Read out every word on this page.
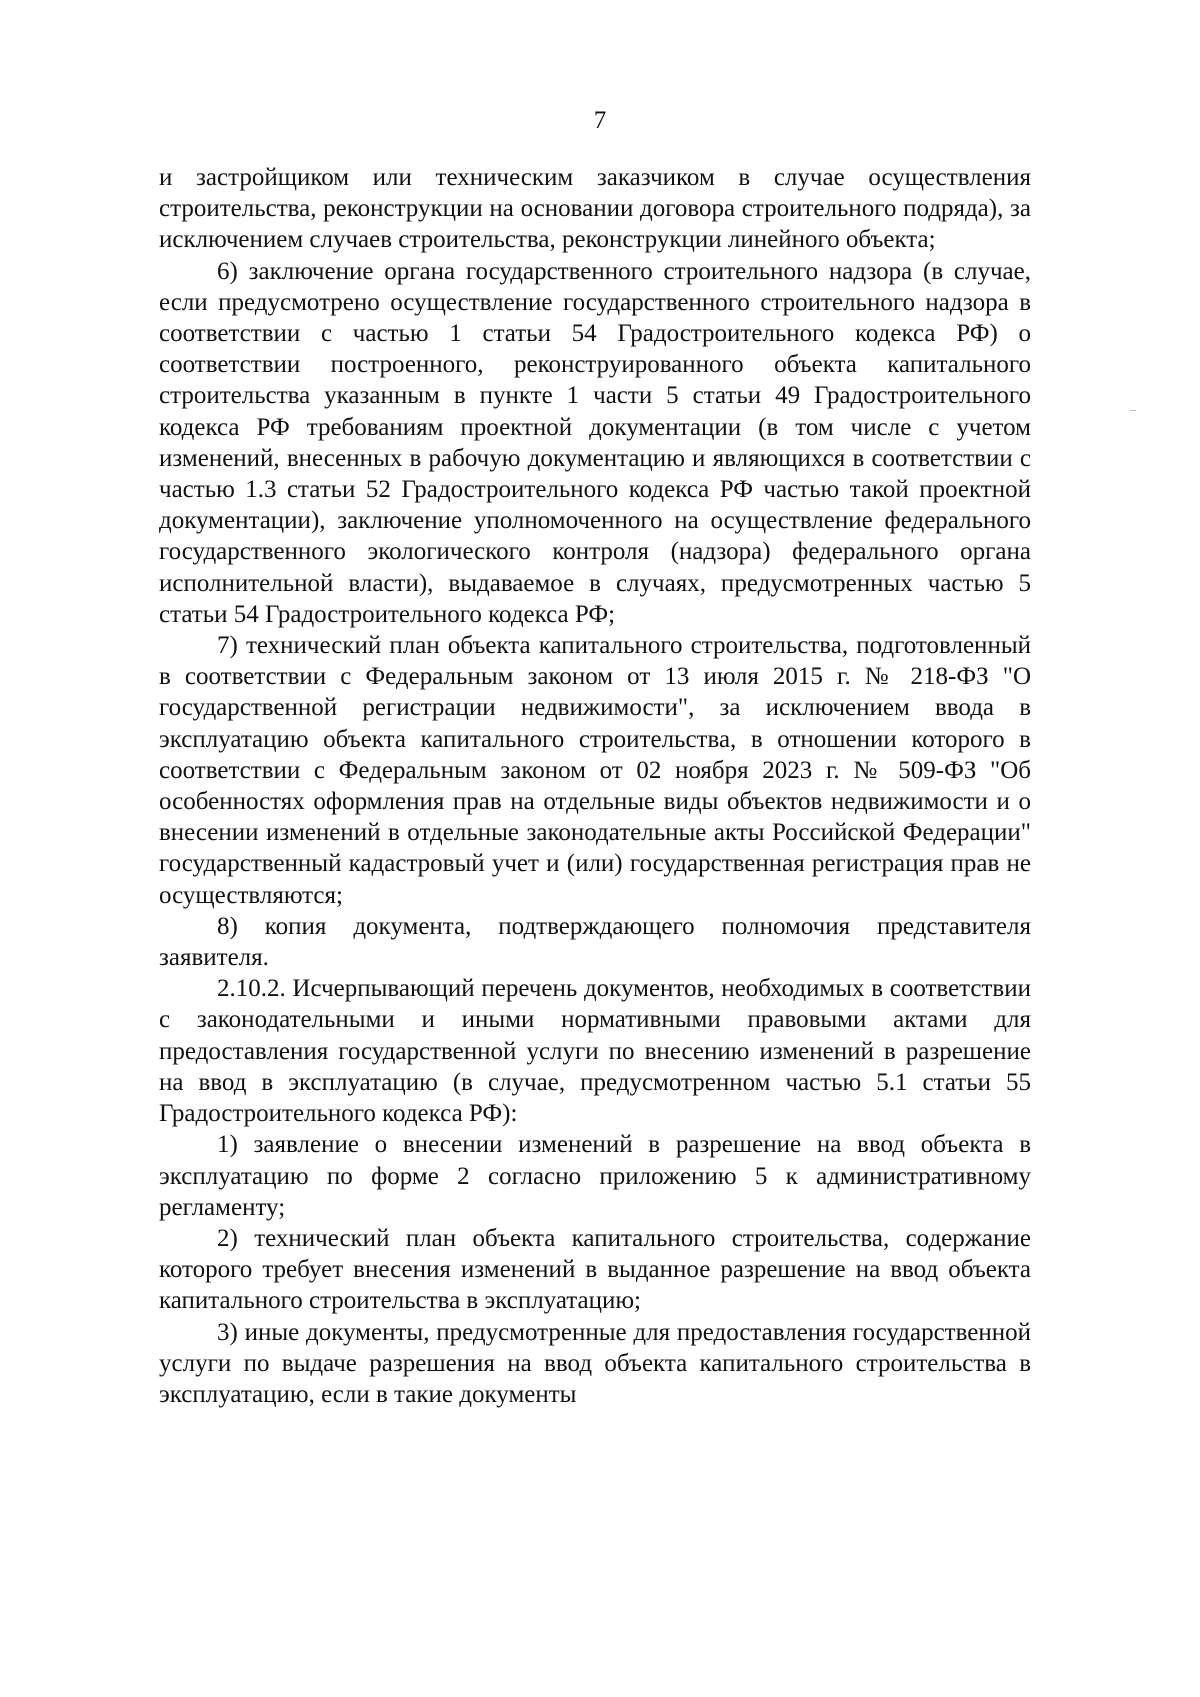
7

и застройщиком или техническим заказчиком в случае осуществления строительства, реконструкции на основании договора строительного подряда), за исключением случаев строительства, реконструкции линейного объекта;

6) заключение органа государственного строительного надзора (в случае, если предусмотрено осуществление государственного строительного надзора в соответствии с частью 1 статьи 54 Градостроительного кодекса РФ) о соответствии построенного, реконструированного объекта капитального строительства указанным в пункте 1 части 5 статьи 49 Градостроительного кодекса РФ требованиям проектной документации (в том числе с учетом изменений, внесенных в рабочую документацию и являющихся в соответствии с частью 1.3 статьи 52 Градостроительного кодекса РФ частью такой проектной документации), заключение уполномоченного на осуществление федерального государственного экологического контроля (надзора) федерального органа исполнительной власти), выдаваемое в случаях, предусмотренных частью 5 статьи 54 Градостроительного кодекса РФ;

7) технический план объекта капитального строительства, подготовленный в соответствии с Федеральным законом от 13 июля 2015 г. № 218-ФЗ "О государственной регистрации недвижимости", за исключением ввода в эксплуатацию объекта капитального строительства, в отношении которого в соответствии с Федеральным законом от 02 ноября 2023 г. № 509-ФЗ "Об особенностях оформления прав на отдельные виды объектов недвижимости и о внесении изменений в отдельные законодательные акты Российской Федерации" государственный кадастровый учет и (или) государственная регистрация прав не осуществляются;

8) копия документа, подтверждающего полномочия представителя заявителя.

2.10.2. Исчерпывающий перечень документов, необходимых в соответствии с законодательными и иными нормативными правовыми актами для предоставления государственной услуги по внесению изменений в разрешение на ввод в эксплуатацию (в случае, предусмотренном частью 5.1 статьи 55 Градостроительного кодекса РФ):

1) заявление о внесении изменений в разрешение на ввод объекта в эксплуатацию по форме 2 согласно приложению 5 к административному регламенту;

2) технический план объекта капитального строительства, содержание которого требует внесения изменений в выданное разрешение на ввод объекта капитального строительства в эксплуатацию;

3) иные документы, предусмотренные для предоставления государственной услуги по выдаче разрешения на ввод объекта капитального строительства в эксплуатацию, если в такие документы
